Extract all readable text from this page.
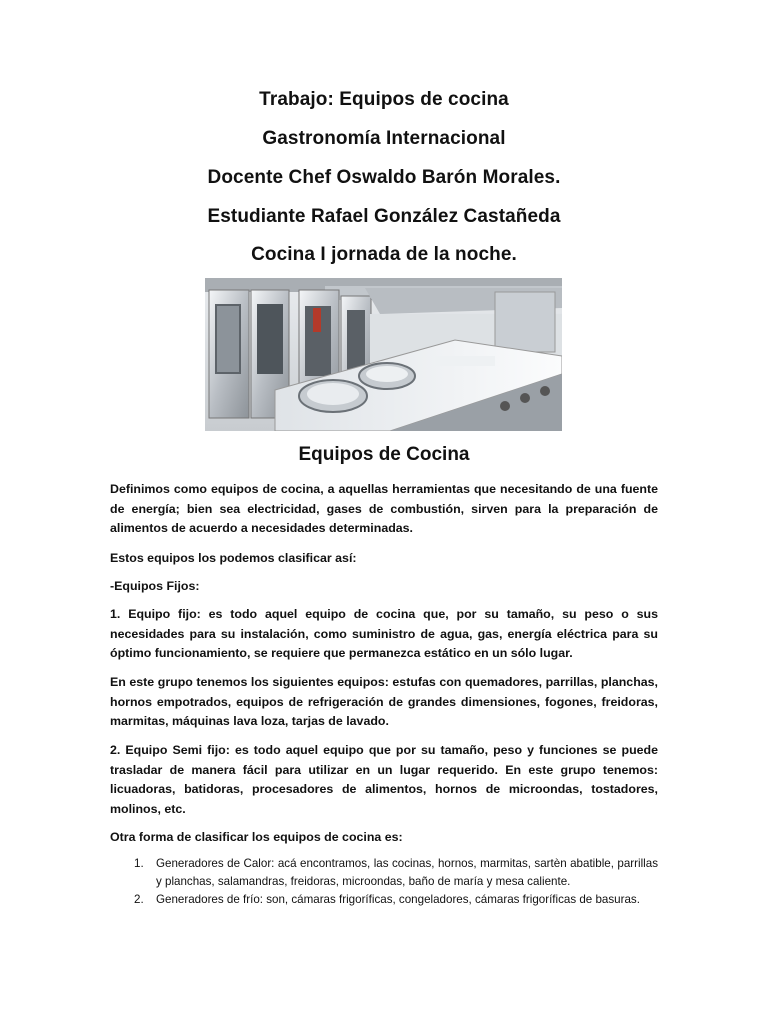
Trabajo: Equipos de cocina
Gastronomía Internacional
Docente Chef Oswaldo Barón Morales.
Estudiante Rafael González Castañeda
Cocina I jornada de la noche.
Equipos de Cocina

Definimos como equipos de cocina, a aquellas herramientas que necesitando de una fuente de energía; bien sea electricidad, gases de combustión, sirven para la preparación de alimentos de acuerdo a necesidades determinadas.

Estos equipos los podemos clasificar así:

-Equipos Fijos:

1. Equipo fijo: es todo aquel equipo de cocina que, por su tamaño, su peso o sus necesidades para su instalación, como suministro de agua, gas, energía eléctrica para su óptimo funcionamiento, se requiere que permanezca estático en un sólo lugar.

En este grupo tenemos los siguientes equipos: estufas con quemadores, parrillas, planchas, hornos empotrados, equipos de refrigeración de grandes dimensiones, fogones, freidoras, marmitas, máquinas lava loza, tarjas de lavado.

2. Equipo Semi fijo: es todo aquel equipo que por su tamaño, peso y funciones se puede trasladar de manera fácil para utilizar en un lugar requerido. En este grupo tenemos: licuadoras, batidoras, procesadores de alimentos, hornos de microondas, tostadores, molinos, etc.

Otra forma de clasificar los equipos de cocina es:

1. Generadores de Calor: acá encontramos, las cocinas, hornos, marmitas, sartèn abatible, parrillas y planchas, salamandras, freidoras, microondas, baño de maría y mesa caliente.
2. Generadores de frío: son, cámaras frigoríficas, congeladores, cámaras frigoríficas de basuras.
